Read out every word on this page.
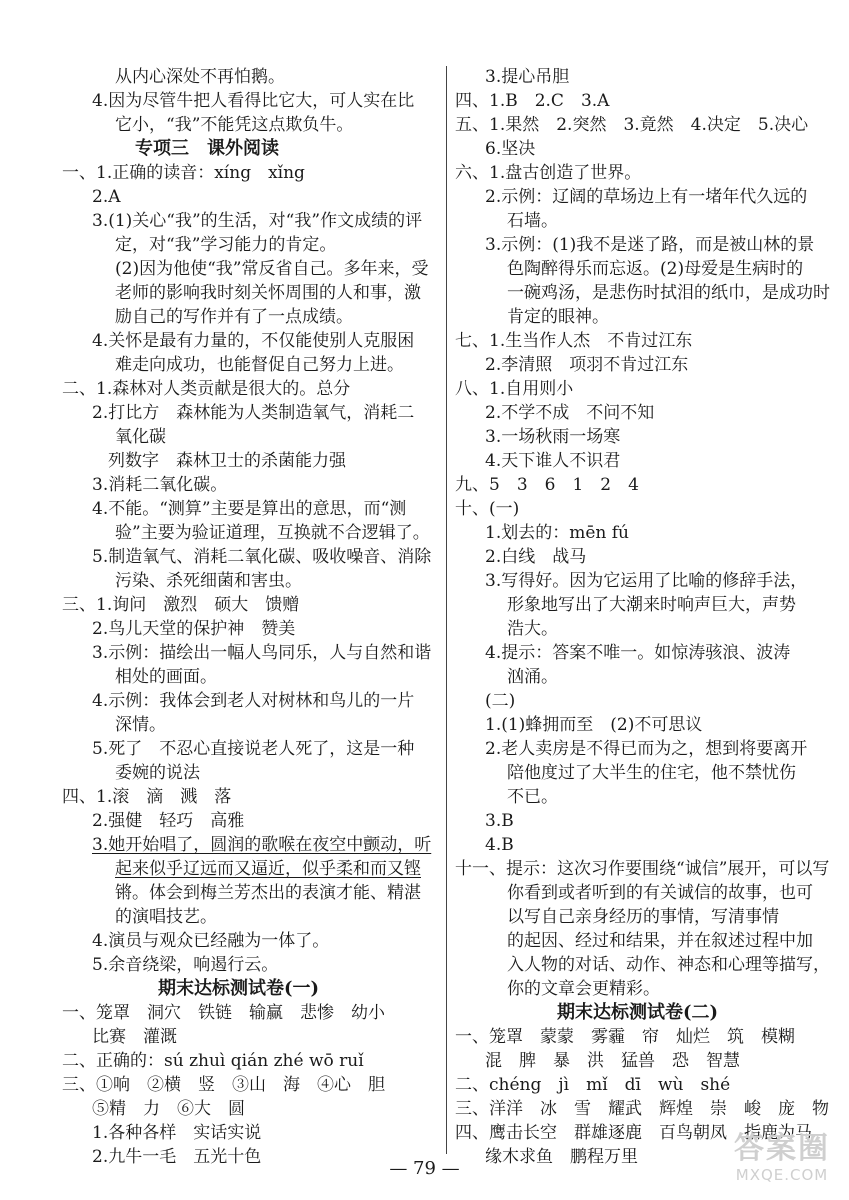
从内心深处不再怕鹅。
4.因为尽管牛把人看得比它大，可人实在比
它小，“我”不能凭这点欺负牛。
专项三　课外阅读
一、1.正确的读音：xíng　xǐng
2.A
3.(1)关心“我”的生活，对“我”作文成绩的评
定，对“我”学习能力的肯定。
(2)因为他使“我”常反省自己。多年来，受
老师的影响我时刻关怀周围的人和事，激
励自己的写作并有了一点成绩。
4.关怀是最有力量的，不仅能使别人克服困
难走向成功，也能督促自己努力上进。
二、1.森林对人类贡献是很大的。总分
2.打比方　森林能为人类制造氧气，消耗二
氧化碳
列数字　森林卫士的杀菌能力强
3.消耗二氧化碳。
4.不能。“测算”主要是算出的意思，而“测
验”主要为验证道理，互换就不合逻辑了。
5.制造氧气、消耗二氧化碳、吸收噪音、消除
污染、杀死细菌和害虫。
三、1.询问　激烈　硕大　馈赠
2.鸟儿天堂的保护神　赞美
3.示例：描绘出一幅人鸟同乐，人与自然和谐
相处的画面。
4.示例：我体会到老人对树林和鸟儿的一片
深情。
5.死了　不忍心直接说老人死了，这是一种
委婉的说法
四、1.滚　滴　溅　落
2.强健　轻巧　高雅
3.她开始唱了，圆润的歌喉在夜空中颤动，听
起来似乎辽远而又逼近，似乎柔和而又铿
锵。体会到梅兰芳杰出的表演才能、精湛
的演唱技艺。
4.演员与观众已经融为一体了。
5.余音绕梁，响遏行云。
期末达标测试卷(一)
一、笼罩　洞穴　铁链　输赢　悲惨　幼小
比赛　灌溉
二、正确的：sú zhuì qián zhé wō ruǐ
三、①响　②横　竖　③山　海　④心　胆
⑤精　力　⑥大　圆
1.各种各样　实话实说
2.九牛一毛　五光十色
3.提心吊胆
四、1.B　2.C　3.A
五、1.果然　2.突然　3.竟然　4.决定　5.决心
6.坚决
六、1.盘古创造了世界。
2.示例：辽阔的草场边上有一堵年代久远的
石墙。
3.示例：(1)我不是迷了路，而是被山林的景
色陶醉得乐而忘返。(2)母爱是生病时的
一碗鸡汤，是悲伤时拭泪的纸巾，是成功时
肯定的眼神。
七、1.生当作人杰　不肯过江东
2.李清照　项羽不肯过江东
八、1.自用则小
2.不学不成　不问不知
3.一场秋雨一场寒
4.天下谁人不识君
九、5　3　6　1　2　4
十、(一)
1.划去的：mēn fú
2.白线　战马
3.写得好。因为它运用了比喻的修辞手法，
形象地写出了大潮来时响声巨大，声势
浩大。
4.提示：答案不唯一。如惊涛骇浪、波涛
汹涌。
(二)
1.(1)蜂拥而至　(2)不可思议
2.老人卖房是不得已而为之，想到将要离开
陪他度过了大半生的住宅，他不禁忧伤
不已。
3.B
4.B
十一、提示：这次习作要围绕“诚信”展开，可以写
你看到或者听到的有关诚信的故事，也可
以写自己亲身经历的事情，写清事情
的起因、经过和结果，并在叙述过程中加
入人物的对话、动作、神态和心理等描写，
你的文章会更精彩。
期末达标测试卷(二)
一、笼罩　蒙蒙　雾霾　帘　灿烂　筑　模糊
混　脾　暴　洪　猛兽　恐　智慧
二、chéng　jì　mǐ　dī　wù　shé
三、洋洋　冰　雪　耀武　辉煌　崇　峻　庞　物
四、鹰击长空　群雄逐鹿　百鸟朝凤　指鹿为马
缘木求鱼　鹏程万里
— 79 —
答案圈
MXQE.COM
